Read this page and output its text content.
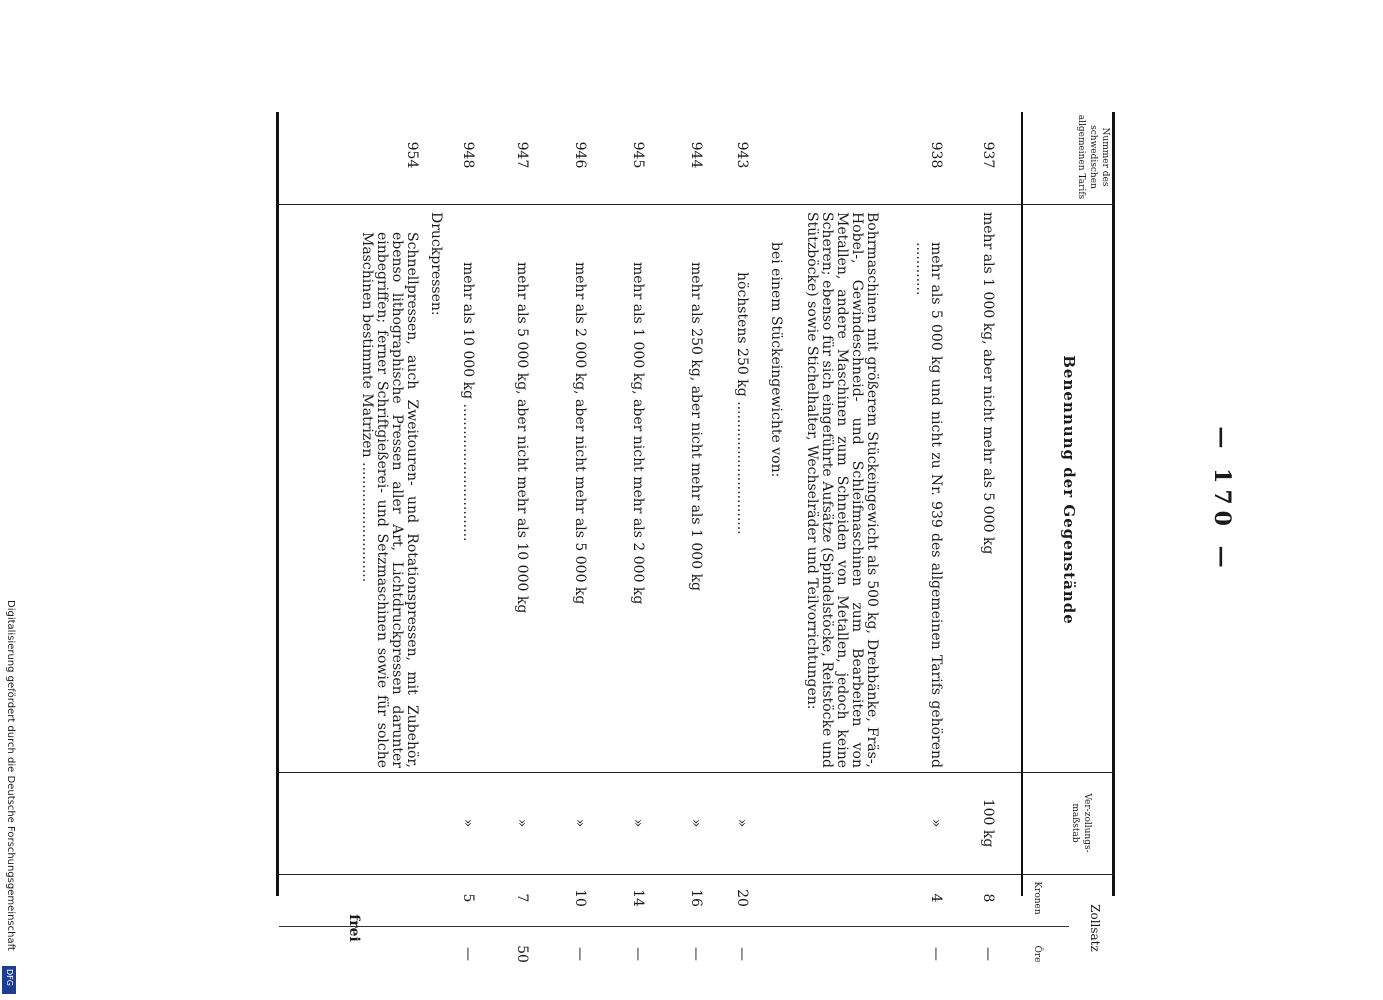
— 170 —
Nummer des schwedischen allgemeinen Tarifs
Benennung der Gegenstände
Ver-zollungs-maßstab
Zollsatz
Kronen
Öre
937
mehr als 1 000 kg, aber nicht mehr als 5 000 kg
100 kg
8
—
938
mehr als 5 000 kg und nicht zu Nr. 939 des allgemeinen Tarifs gehörend ............
»
4
—
Bohrmaschinen mit größerem Stückeingewicht als 500 kg, Drehbänke, Fräs-, Hobel-, Gewindeschneid- und Schleifmaschinen zum Bearbeiten von Metallen, andere Maschinen zum Schneiden von Metallen, jedoch keine Scheren; ebenso für sich eingeführte Aufsätze (Spindelstöcke, Reitstöcke und Stützböcke) sowie Stichelhalter, Wechselräder und Teilvorrichtungen:
bei einem Stückeingewichte von:
943
höchstens 250 kg ..............................
»
20
—
944
mehr als 250 kg, aber nicht mehr als 1 000 kg
»
16
—
945
mehr als 1 000 kg, aber nicht mehr als 2 000 kg
»
14
—
946
mehr als 2 000 kg, aber nicht mehr als 5 000 kg
»
10
—
947
mehr als 5 000 kg, aber nicht mehr als 10 000 kg
»
7
50
948
mehr als 10 000 kg ...............................
»
5
—
Druckpressen:
954
Schnellpressen, auch Zweitouren- und Rotationspressen, mit Zubehör, ebenso lithographische Pressen aller Art, Lichtdruckpressen darunter einbegriffen; ferner Schriftgießerei- und Setzmaschinen sowie für solche Maschinen bestimmte Matrizen ...........................
frei
Digitalisierung gefördert durch die Deutsche Forschungsgemeinschaft
DFG
